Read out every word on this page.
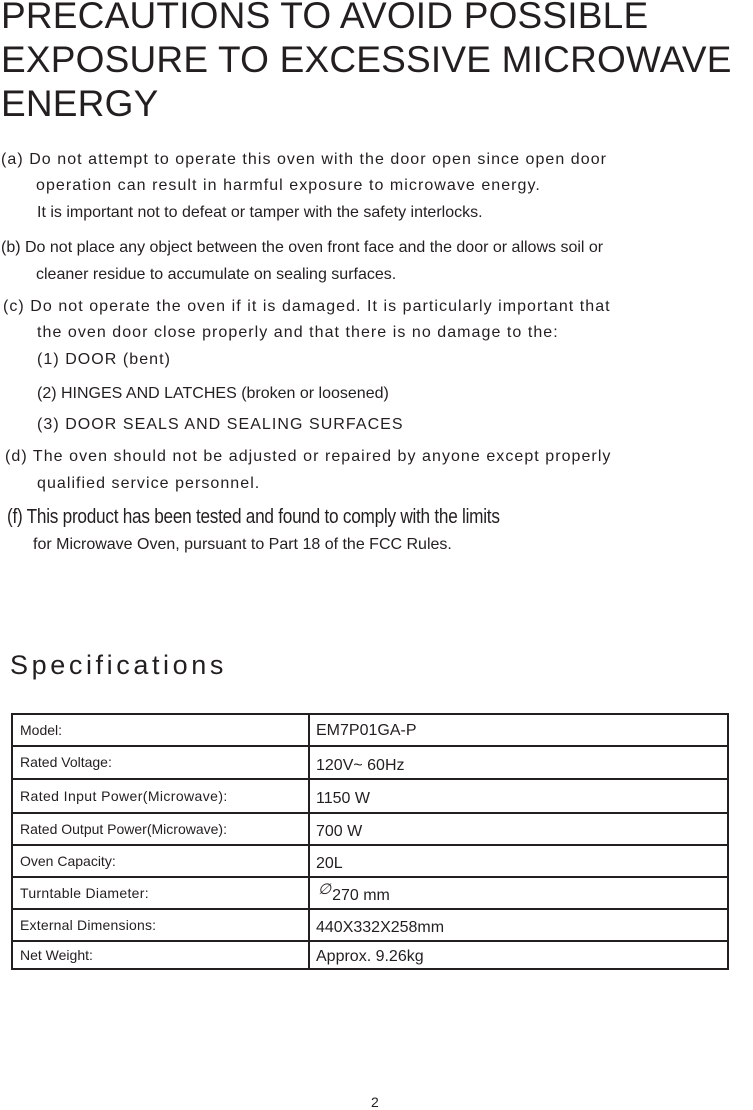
PRECAUTIONS TO AVOID POSSIBLE
EXPOSURE TO EXCESSIVE MICROWAVE
ENERGY
(a) Do not attempt to operate this oven with the door open since open door
operation can result in harmful exposure to microwave energy.
It is important not to defeat or tamper with the safety interlocks.
(b) Do not place any object between the oven front face and the door or allows soil or
cleaner residue to accumulate on sealing surfaces.
(c) Do not operate the oven if it is damaged. It is particularly important that
the oven door close properly and that there is no damage to the:
(1) DOOR (bent)
(2) HINGES AND LATCHES (broken or loosened)
(3) DOOR SEALS AND SEALING SURFACES
(d) The oven should not be adjusted or repaired by anyone except properly
qualified service personnel.
(f) This product has been tested and found to comply with the limits
for Microwave Oven, pursuant to Part 18 of the FCC Rules.
Specifications
Model:	EM7P01GA-P
Rated Voltage:	120V~ 60Hz
Rated Input Power(Microwave):	1150 W
Rated Output Power(Microwave):	700 W
Oven Capacity:	20L
Turntable Diameter:	∅270 mm
External Dimensions:	440X332X258mm
Net Weight:	Approx. 9.26kg
2
